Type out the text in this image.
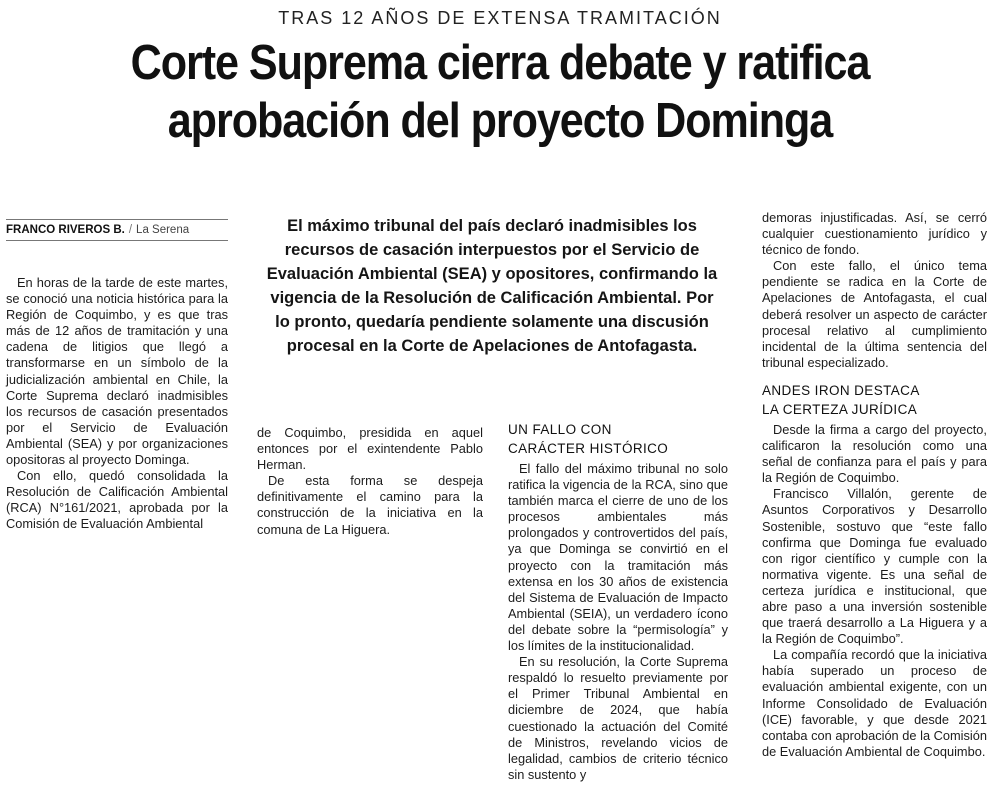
TRAS 12 AÑOS DE EXTENSA TRAMITACIÓN
Corte Suprema cierra debate y ratifica
aprobación del proyecto Dominga
FRANCO RIVEROS B. / La Serena	El máximo tribunal del país declaró inadmisibles los recursos de casación interpuestos por el Servicio de Evaluación Ambiental (SEA) y opositores, confirmando la vigencia de la Resolución de Calificación Ambiental. Por lo pronto, quedaría pendiente solamente una discusión procesal en la Corte de Apelaciones de Antofagasta.

En horas de la tarde de este martes, se conoció una noticia histórica para la Región de Coquimbo, y es que tras más de 12 años de tramitación y una cadena de litigios que llegó a transformarse en un símbolo de la judicialización ambiental en Chile, la Corte Suprema declaró inadmisibles los recursos de casación presentados por el Servicio de Evaluación Ambiental (SEA) y por organizaciones opositoras al proyecto Dominga.

Con ello, quedó consolidada la Resolución de Calificación Ambiental (RCA) N°161/2021, aprobada por la Comisión de Evaluación Ambiental

de Coquimbo, presidida en aquel entonces por el exintendente Pablo Herman.

De esta forma se despeja definitivamente el camino para la construcción de la iniciativa en la comuna de La Higuera.

UN FALLO CON
CARÁCTER HISTÓRICO

El fallo del máximo tribunal no solo ratifica la vigencia de la RCA, sino que también marca el cierre de uno de los procesos ambientales más prolongados y controvertidos del país, ya que Dominga se convirtió en el proyecto con la tramitación más extensa en los 30 años de existencia del Sistema de Evaluación de Impacto Ambiental (SEIA), un verdadero ícono del debate sobre la “permisología” y los límites de la institucionalidad.

En su resolución, la Corte Suprema respaldó lo resuelto previamente por el Primer Tribunal Ambiental en diciembre de 2024, que había cuestionado la actuación del Comité de Ministros, revelando vicios de legalidad, cambios de criterio técnico sin sustento y

demoras injustificadas. Así, se cerró cualquier cuestionamiento jurídico y técnico de fondo.

Con este fallo, el único tema pendiente se radica en la Corte de Apelaciones de Antofagasta, el cual deberá resolver un aspecto de carácter procesal relativo al cumplimiento incidental de la última sentencia del tribunal especializado.

ANDES IRON DESTACA
LA CERTEZA JURÍDICA

Desde la firma a cargo del proyecto, calificaron la resolución como una señal de confianza para el país y para la Región de Coquimbo.

Francisco Villalón, gerente de Asuntos Corporativos y Desarrollo Sostenible, sostuvo que “este fallo confirma que Dominga fue evaluado con rigor científico y cumple con la normativa vigente. Es una señal de certeza jurídica e institucional, que abre paso a una inversión sostenible que traerá desarrollo a La Higuera y a la Región de Coquimbo”.

La compañía recordó que la iniciativa había superado un proceso de evaluación ambiental exigente, con un Informe Consolidado de Evaluación (ICE) favorable, y que desde 2021 contaba con aprobación de la Comisión de Evaluación Ambiental de Coquimbo.
